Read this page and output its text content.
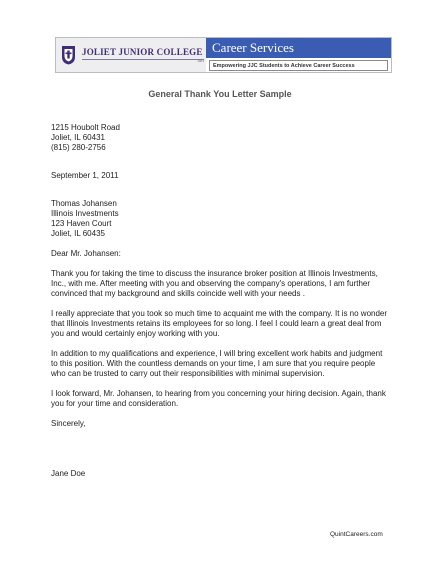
JOLIET JUNIOR COLLEGE
1901
Career Services
Empowering JJC Students to Achieve Career Success
General Thank You Letter Sample

1215 Houbolt Road

Joliet, IL 60431

(815) 280-2756

September 1, 2011

Thomas Johansen

Illinois Investments

123 Haven Court

Joliet, IL 60435

Dear Mr. Johansen:

Thank you for taking the time to discuss the insurance broker position at Illinois Investments, Inc., with me. After meeting with you and observing the company's operations, I am further convinced that my background and skills coincide well with your needs .

I really appreciate that you took so much time to acquaint me with the company. It is no wonder that Illinois Investments retains its employees for so long. I feel I could learn a great deal from you and would certainly enjoy working with you.

In addition to my qualifications and experience, I will bring excellent work habits and judgment to this position. With the countless demands on your time, I am sure that you require people who can be trusted to carry out their responsibilities with minimal supervision.

I look forward, Mr. Johansen, to hearing from you concerning your hiring decision. Again, thank you for your time and consideration.

Sincerely,

Jane Doe

QuintCareers.com
